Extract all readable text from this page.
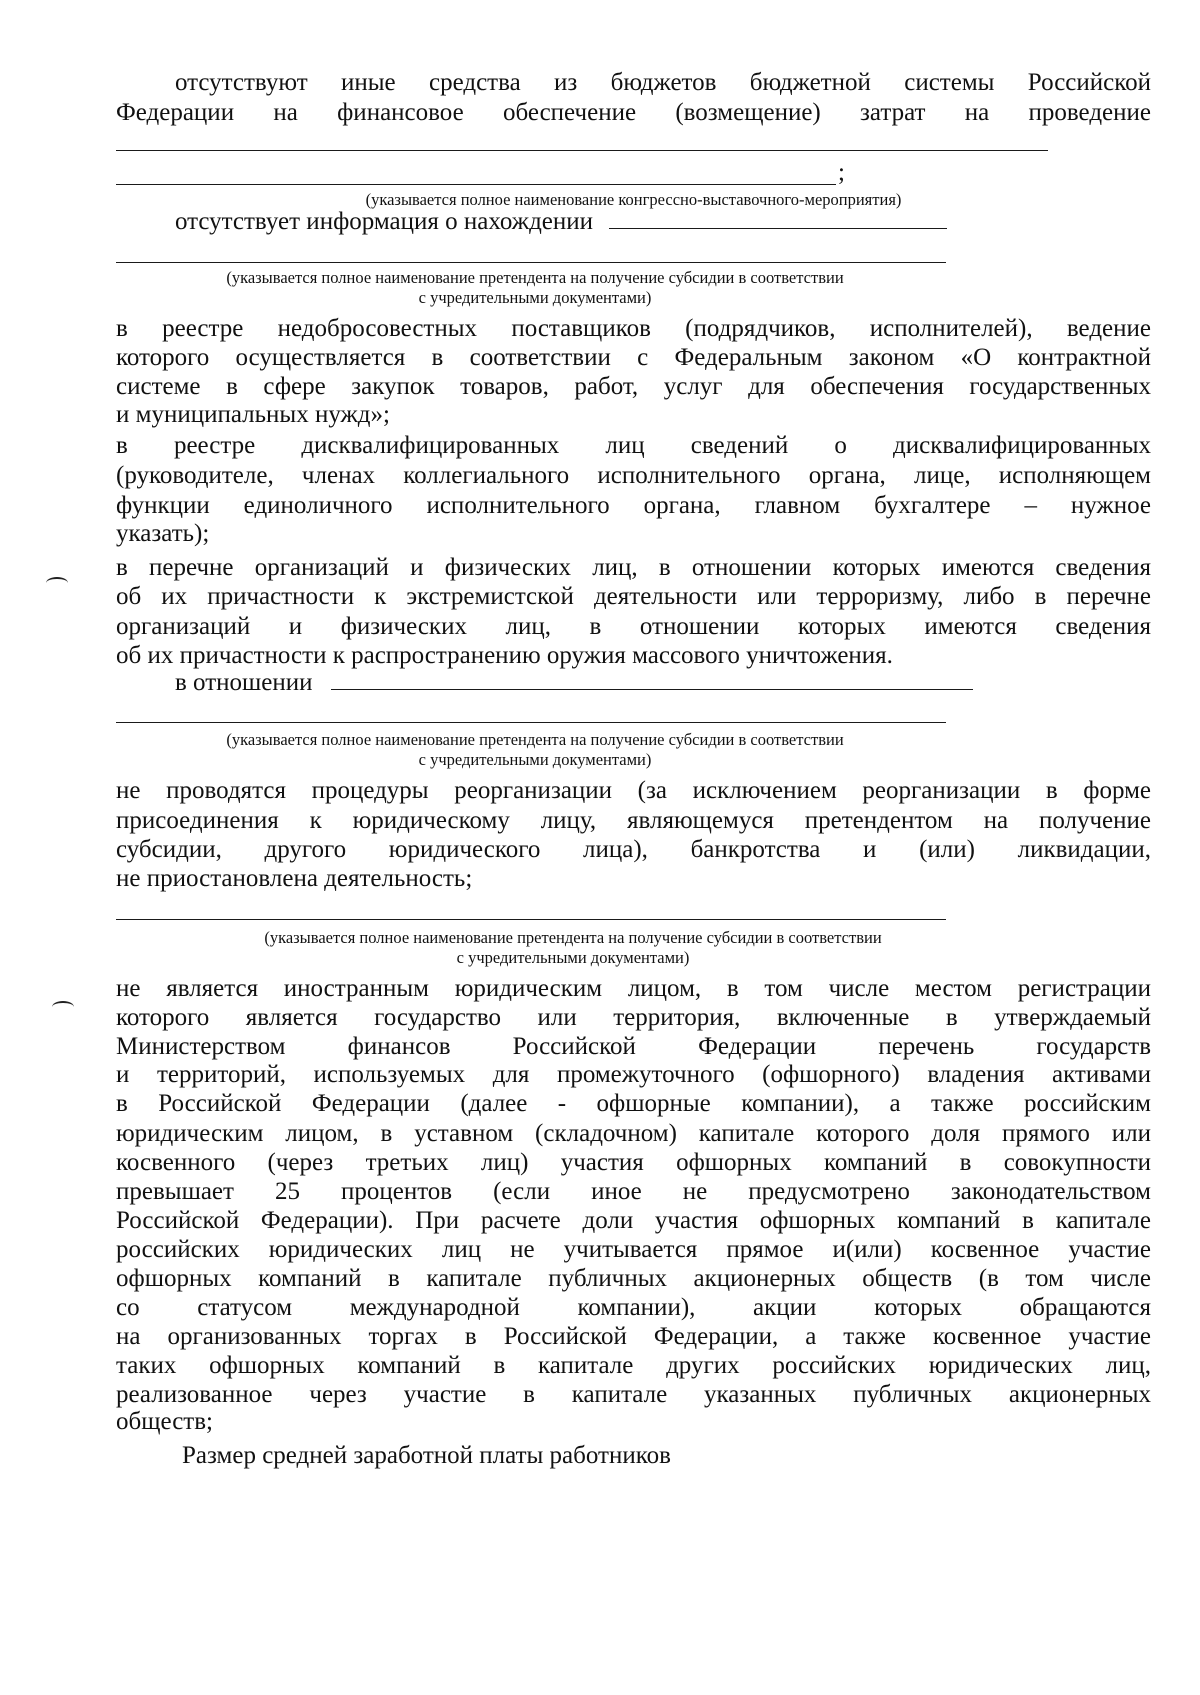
отсутствуют иные средства из бюджетов бюджетной системы Российской
Федерации на финансовое обеспечение (возмещение) затрат на проведение
;
(указывается полное наименование конгрессно-выставочного-мероприятия)
отсутствует информация о нахождении
(указывается полное наименование претендента на получение субсидии в соответствии
с учредительными документами)
в реестре недобросовестных поставщиков (подрядчиков, исполнителей), ведение
которого осуществляется в соответствии с Федеральным законом «О контрактной
системе в сфере закупок товаров, работ, услуг для обеспечения государственных
и муниципальных нужд»;
в реестре дисквалифицированных лиц сведений о дисквалифицированных
(руководителе, членах коллегиального исполнительного органа, лице, исполняющем
функции единоличного исполнительного органа, главном бухгалтере – нужное
указать);
в перечне организаций и физических лиц, в отношении которых имеются сведения
об их причастности к экстремистской деятельности или терроризму, либо в перечне
организаций и физических лиц, в отношении которых имеются сведения
об их причастности к распространению оружия массового уничтожения.
в отношении
(указывается полное наименование претендента на получение субсидии в соответствии
с учредительными документами)
не проводятся процедуры реорганизации (за исключением реорганизации в форме
присоединения к юридическому лицу, являющемуся претендентом на получение
субсидии, другого юридического лица), банкротства и (или) ликвидации,
не приостановлена деятельность;
(указывается полное наименование претендента на получение субсидии в соответствии
с учредительными документами)
не является иностранным юридическим лицом, в том числе местом регистрации
которого является государство или территория, включенные в утверждаемый
Министерством финансов Российской Федерации перечень государств
и территорий, используемых для промежуточного (офшорного) владения активами
в Российской Федерации (далее - офшорные компании), а также российским
юридическим лицом, в уставном (складочном) капитале которого доля прямого или
косвенного (через третьих лиц) участия офшорных компаний в совокупности
превышает 25 процентов (если иное не предусмотрено законодательством
Российской Федерации). При расчете доли участия офшорных компаний в капитале
российских юридических лиц не учитывается прямое и(или) косвенное участие
офшорных компаний в капитале публичных акционерных обществ (в том числе
со статусом международной компании), акции которых обращаются
на организованных торгах в Российской Федерации, а также косвенное участие
таких офшорных компаний в капитале других российских юридических лиц,
реализованное через участие в капитале указанных публичных акционерных
обществ;
Размер средней заработной платы работников
